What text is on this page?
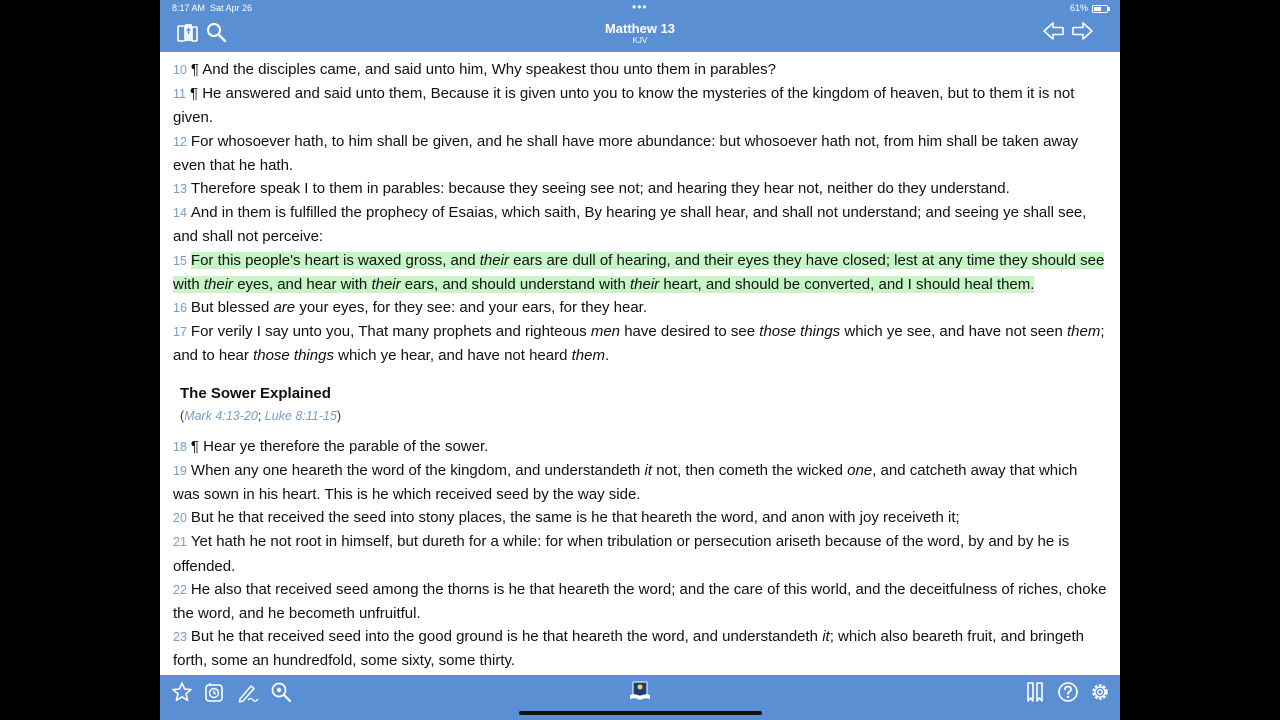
8:17 AM Sat Apr 26	•••	61%
Matthew 13
KJV

10 ¶ And the disciples came, and said unto him, Why speakest thou unto them in parables?

11 ¶ He answered and said unto them, Because it is given unto you to know the mysteries of the kingdom of heaven, but to them it is not given.

12 For whosoever hath, to him shall be given, and he shall have more abundance: but whosoever hath not, from him shall be taken away even that he hath.

13 Therefore speak I to them in parables: because they seeing see not; and hearing they hear not, neither do they understand.

14 And in them is fulfilled the prophecy of Esaias, which saith, By hearing ye shall hear, and shall not understand; and seeing ye shall see, and shall not perceive:

15 For this people's heart is waxed gross, and their ears are dull of hearing, and their eyes they have closed; lest at any time they should see with their eyes, and hear with their ears, and should understand with their heart, and should be converted, and I should heal them.

16 But blessed are your eyes, for they see: and your ears, for they hear.

17 For verily I say unto you, That many prophets and righteous men have desired to see those things which ye see, and have not seen them; and to hear those things which ye hear, and have not heard them.

The Sower Explained
(Mark 4:13-20; Luke 8:11-15)

18 ¶ Hear ye therefore the parable of the sower.

19 When any one heareth the word of the kingdom, and understandeth it not, then cometh the wicked one, and catcheth away that which was sown in his heart. This is he which received seed by the way side.

20 But he that received the seed into stony places, the same is he that heareth the word, and anon with joy receiveth it;

21 Yet hath he not root in himself, but dureth for a while: for when tribulation or persecution ariseth because of the word, by and by he is offended.

22 He also that received seed among the thorns is he that heareth the word; and the care of this world, and the deceitfulness of riches, choke the word, and he becometh unfruitful.

23 But he that received seed into the good ground is he that heareth the word, and understandeth it; which also beareth fruit, and bringeth forth, some an hundredfold, some sixty, some thirty.
